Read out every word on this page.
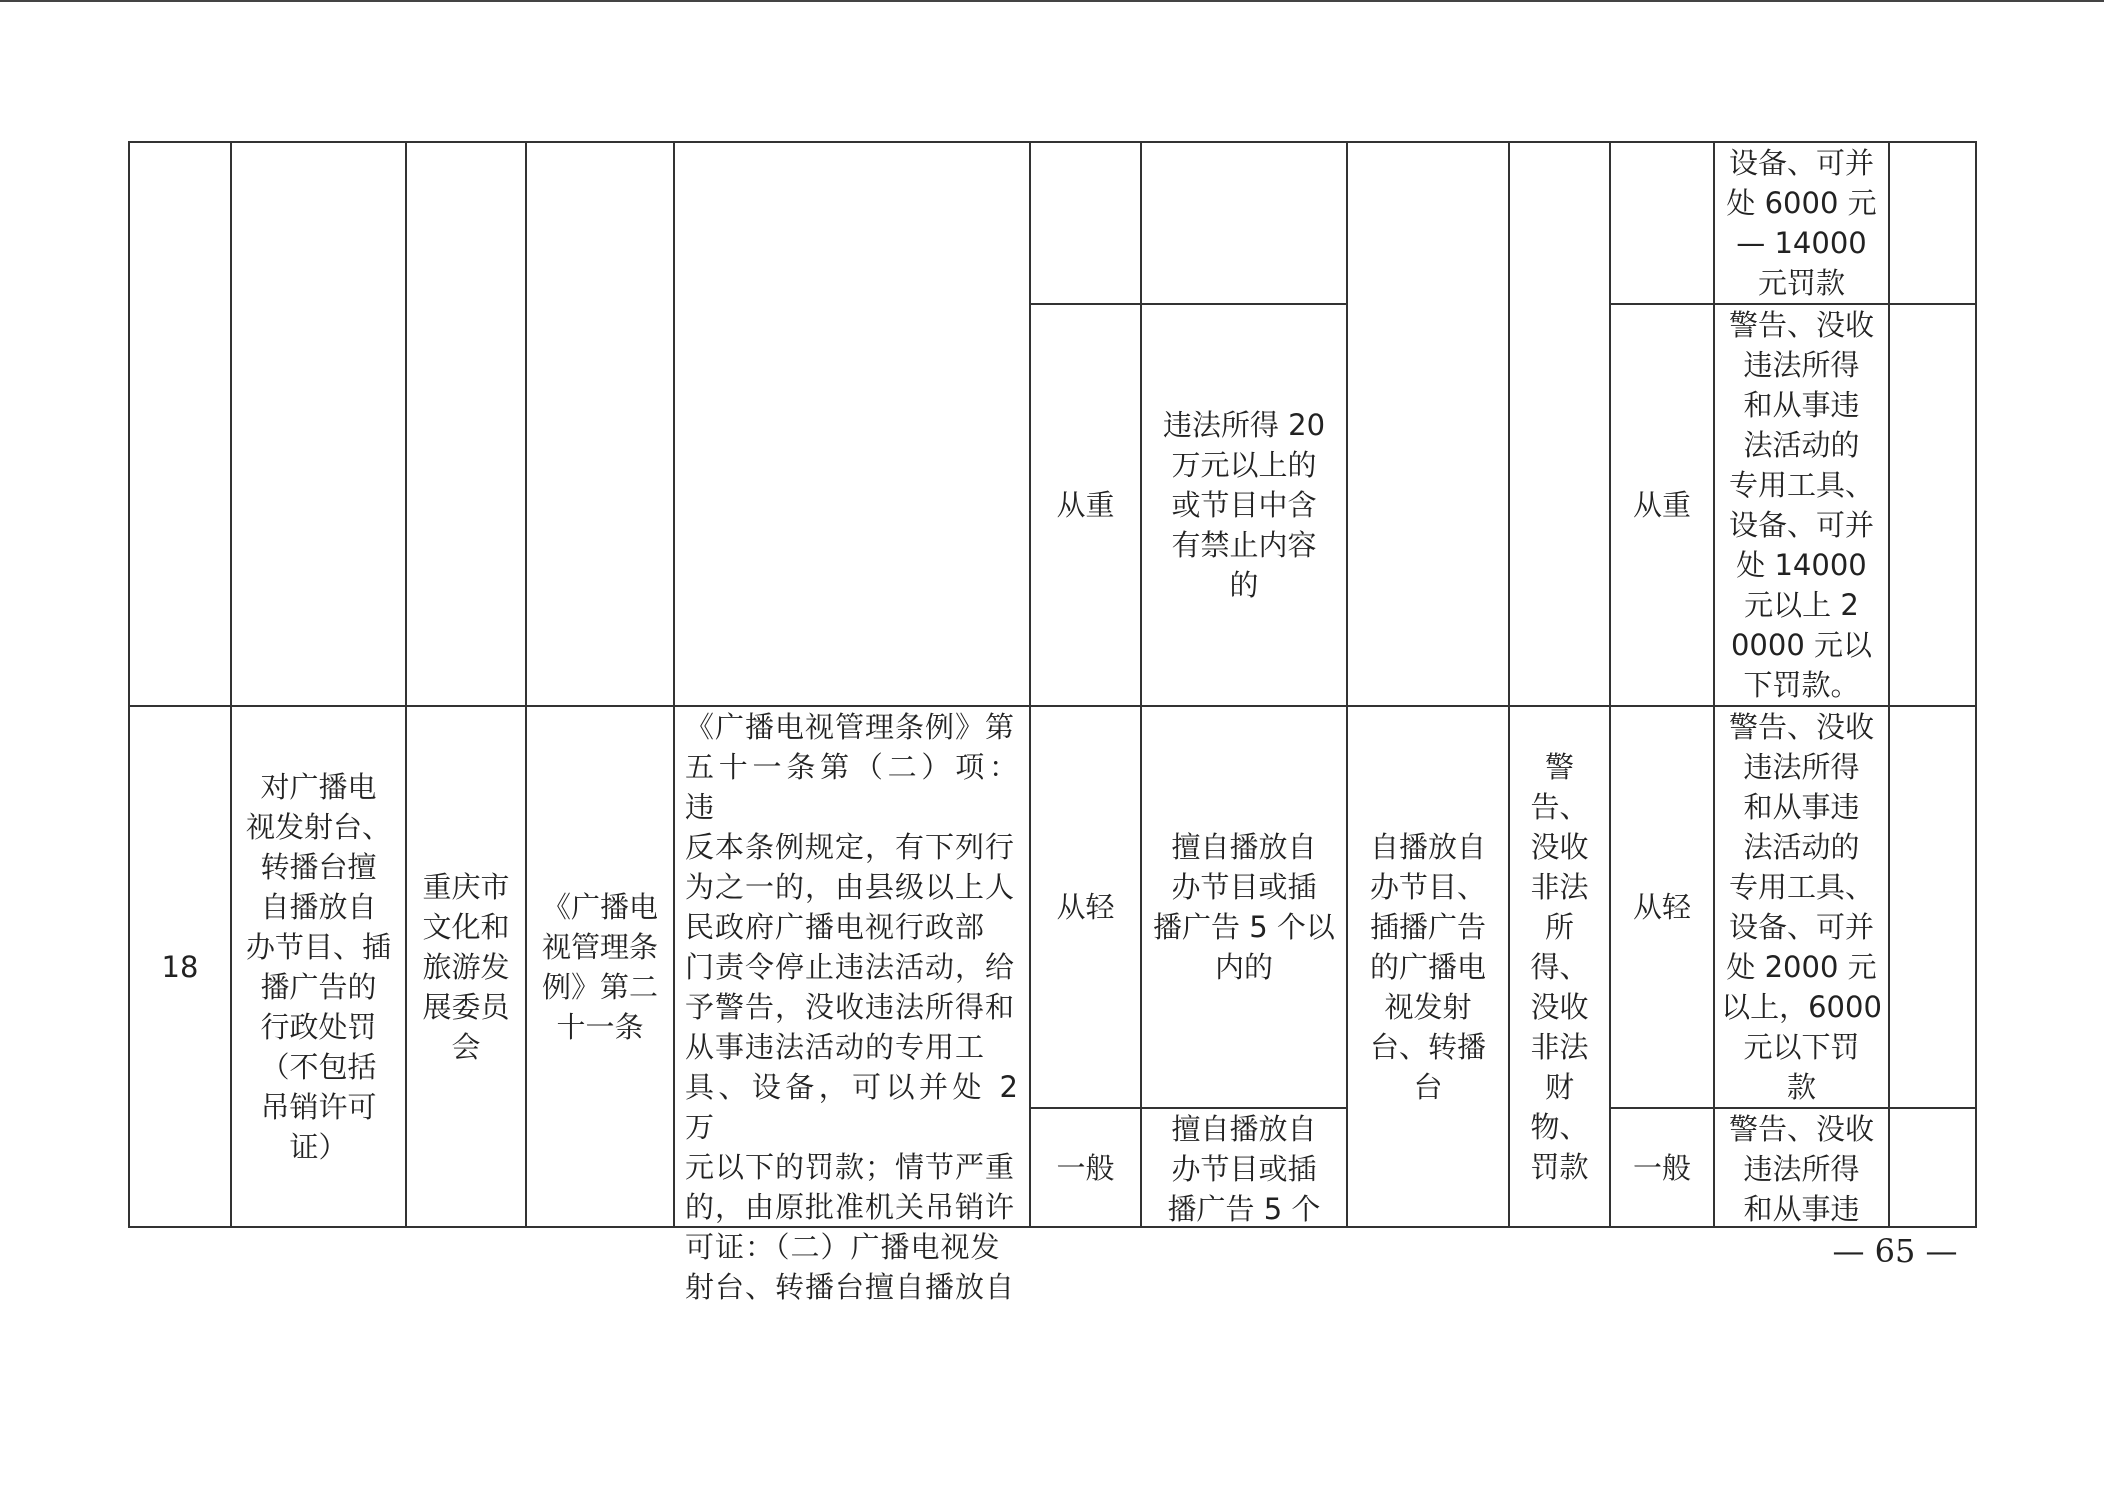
设备、可并
处 6000 元
— 14000
元罚款
从重
违法所得 20
万元以上的
或节目中含
有禁止内容
的
从重
警告、没收
违法所得
和从事违
法活动的
专用工具、
设备、可并
处 14000
元以上 2
0000 元以
下罚款。
18
对广播电
视发射台、
转播台擅
自播放自
办节目、插
播广告的
行政处罚
（不包括
吊销许可
证）
重庆市
文化和
旅游发
展委员
会
《广播电
视管理条
例》第二
十一条
《广播电视管理条例》第
五十一条第（二）项： 违
反本条例规定，有下列行
为之一的，由县级以上人
民政府广播电视行政部
门责令停止违法活动，给
予警告，没收违法所得和
从事违法活动的专用工
具、设备，可以并处 2 万
元以下的罚款；情节严重
的，由原批准机关吊销许
可证：（二）广播电视发
射台、转播台擅自播放自
从轻
擅自播放自
办节目或插
播广告 5 个以
内的
自播放自
办节目、
插播广告
的广播电
视发射
台、转播
台
警
告、
没收
非法
所
得、
没收
非法
财
物、
罚款
从轻
警告、没收
违法所得
和从事违
法活动的
专用工具、
设备、可并
处 2000 元
以上，6000
元以下罚
款
一般
擅自播放自
办节目或插
播广告 5 个
一般
警告、没收
违法所得
和从事违
— 65 —
